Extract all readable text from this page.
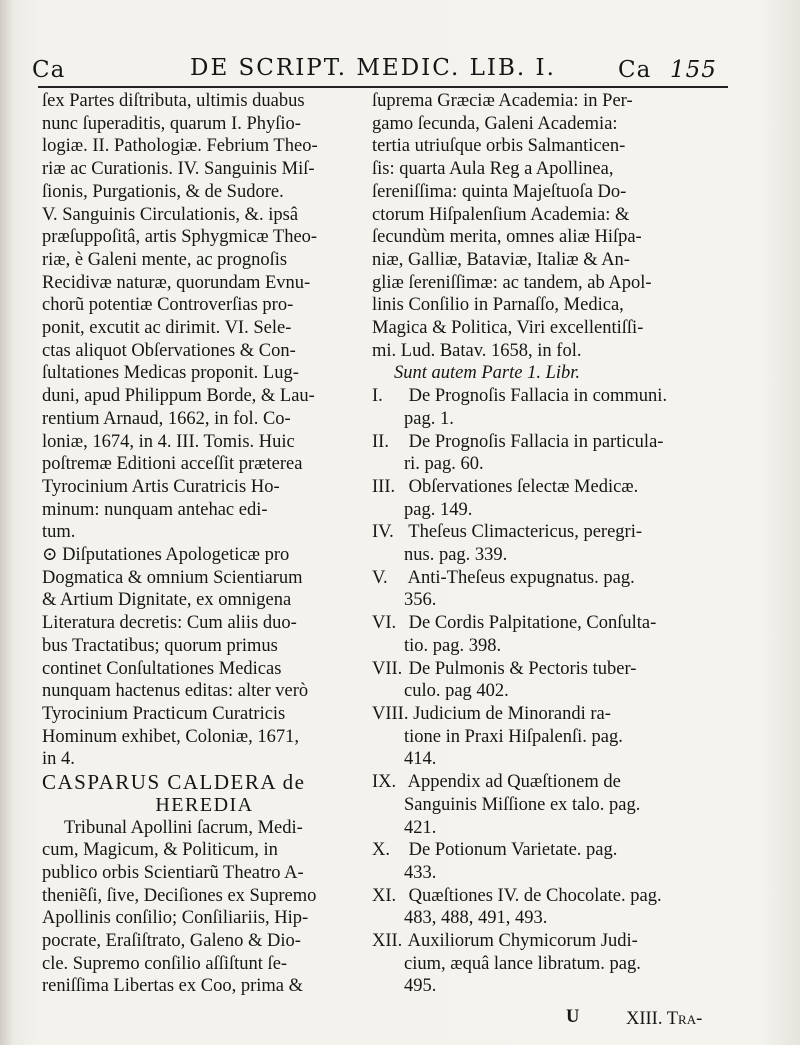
Ca	DE SCRIPT. MEDIC. LIB. I.	Ca 155
ſex Partes diſtributa, ultimis duabus
nunc ſuperaditis, quarum I. Phyſio-
logiæ. II. Pathologiæ. Febrium Theo-
riæ ac Curationis. IV. Sanguinis Miſ-
ſionis, Purgationis, & de Sudore.
V. Sanguinis Circulationis, &. ipsâ
præſuppoſitâ, artis Sphygmicæ Theo-
riæ, è Galeni mente, ac prognoſis
Recidivæ naturæ, quorundam Evnu-
chorũ potentiæ Controverſias pro-
ponit, excutit ac dirimit. VI. Sele-
ctas aliquot Obſervationes & Con-
ſultationes Medicas proponit. Lug-
duni, apud Philippum Borde, & Lau-
rentium Arnaud, 1662, in fol. Co-
loniæ, 1674, in 4. III. Tomis. Huic
poſtremæ Editioni acceſſit præterea
Tyrocinium Artis Curatricis Ho-
minum: nunquam antehac edi-
tum.
⊙ Diſputationes Apologeticæ pro
Dogmatica & omnium Scientiarum
& Artium Dignitate, ex omnigena
Literatura decretis: Cum aliis duo-
bus Tractatibus; quorum primus
continet Conſultationes Medicas
nunquam hactenus editas: alter verò
Tyrocinium Practicum Curatricis
Hominum exhibet, Coloniæ, 1671,
in 4.
CASPARUS CALDERA de
HEREDIA
Tribunal Apollini ſacrum, Medi-
cum, Magicum, & Politicum, in
publico orbis Scientiarũ Theatro A-
theniẽſi, ſive, Deciſiones ex Supremo
Apollinis conſilio; Conſiliariis, Hip-
pocrate, Eraſiſtrato, Galeno & Dio-
cle. Supremo conſilio aſſiſtunt ſe-
reniſſima Libertas ex Coo, prima &
ſuprema Græciæ Academia: in Per-
gamo ſecunda, Galeni Academia:
tertia utriuſque orbis Salmanticen-
ſis: quarta Aula Reg a Apollinea,
ſereniſſima: quinta Majeſtuoſa Do-
ctorum Hiſpalenſium Academia: &
ſecundùm merita, omnes aliæ Hiſpa-
niæ, Galliæ, Bataviæ, Italiæ & An-
gliæ ſereniſſimæ: ac tandem, ab Apol-
linis Conſilio in Parnaſſo, Medica,
Magica & Politica, Viri excellentiſſi-
mi. Lud. Batav. 1658, in fol.
Sunt autem Parte 1. Libr.
I. De Prognoſis Fallacia in communi.
pag. 1.
II. De Prognoſis Fallacia in particula-
ri. pag. 60.
III. Obſervationes ſelectæ Medicæ.
pag. 149.
IV. Theſeus Climactericus, peregri-
nus. pag. 339.
V. Anti-Theſeus expugnatus. pag.
356.
VI. De Cordis Palpitatione, Conſulta-
tio. pag. 398.
VII. De Pulmonis & Pectoris tuber-
culo. pag 402.
VIII. Judicium de Minorandi ra-
tione in Praxi Hiſpalenſi. pag.
414.
IX. Appendix ad Quæſtionem de
Sanguinis Miſſione ex talo. pag.
421.
X. De Potionum Varietate. pag.
433.
XI. Quæſtiones IV. de Chocolate. pag.
483, 488, 491, 493.
XII. Auxiliorum Chymicorum Judi-
cium, æquâ lance libratum. pag.
495.
U	XIII. Tra-
